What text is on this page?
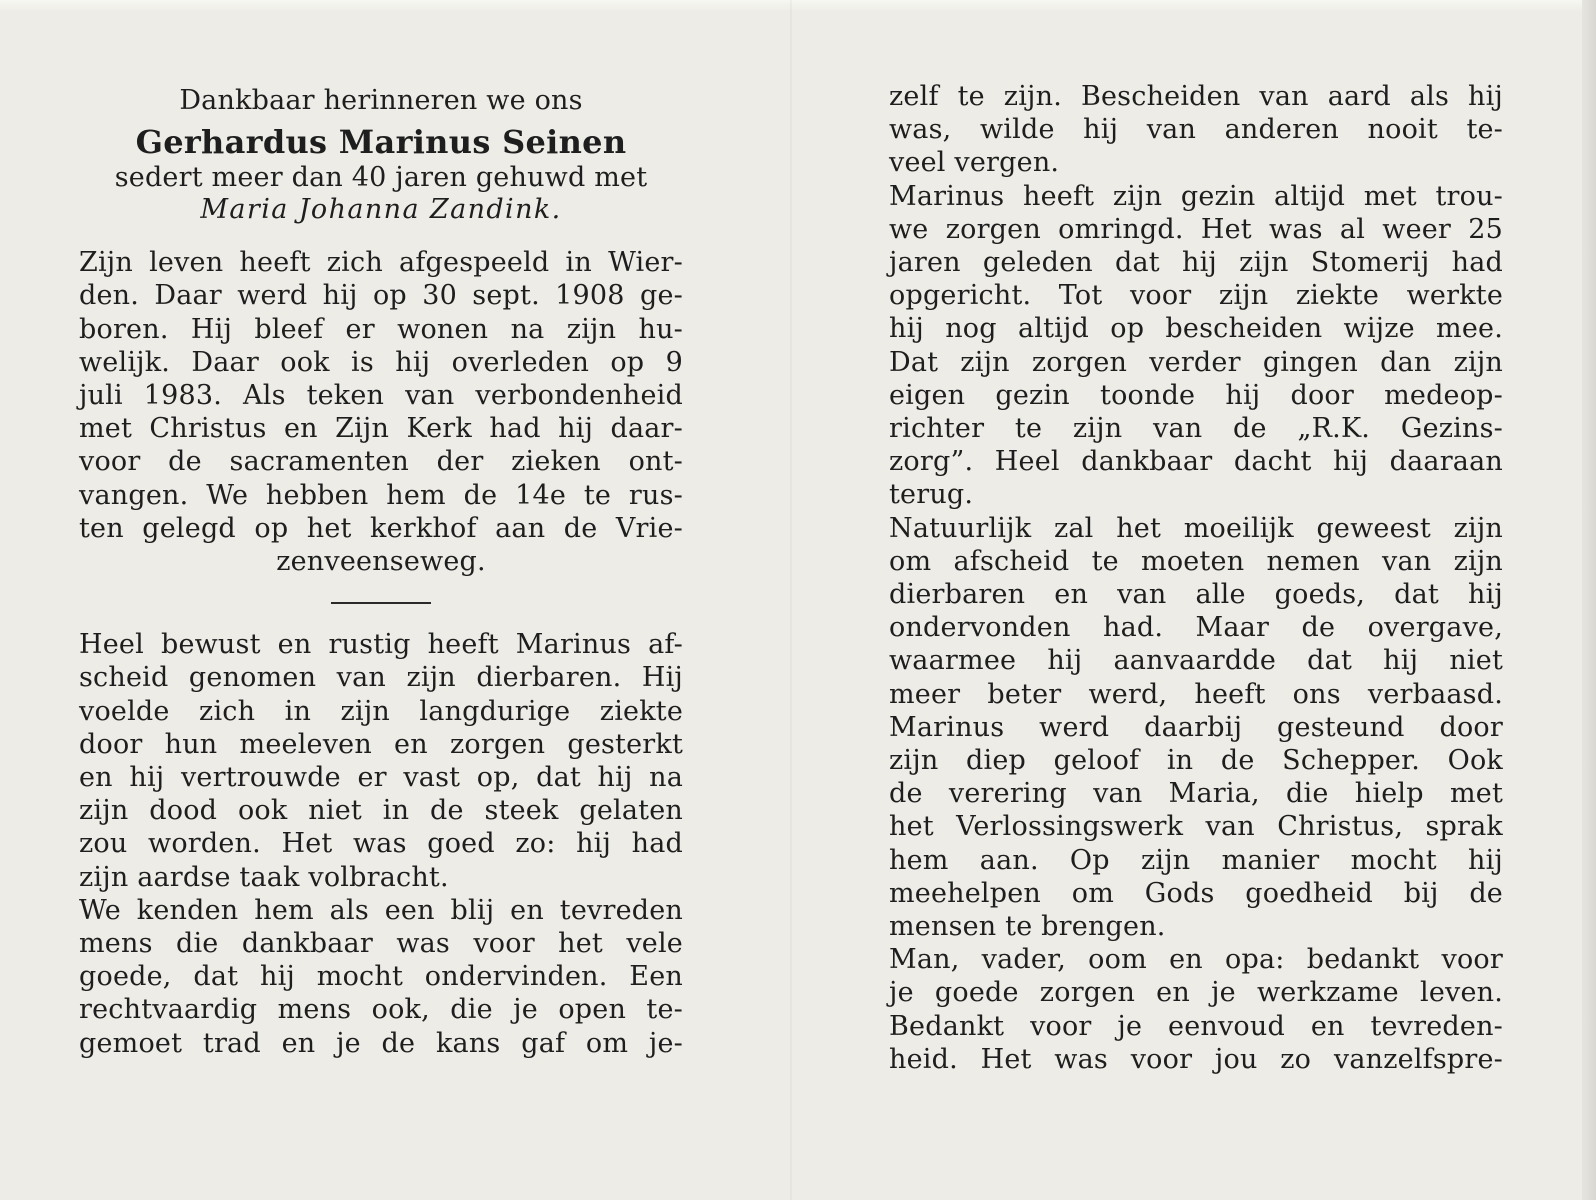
Dankbaar herinneren we ons

Gerhardus Marinus Seinen

sedert meer dan 40 jaren gehuwd met

Maria Johanna Zandink.

Zijn leven heeft zich afgespeeld in Wier-
den. Daar werd hij op 30 sept. 1908 ge-
boren. Hij bleef er wonen na zijn hu-
welijk. Daar ook is hij overleden op 9
juli 1983. Als teken van verbondenheid
met Christus en Zijn Kerk had hij daar-
voor de sacramenten der zieken ont-
vangen. We hebben hem de 14e te rus-
ten gelegd op het kerkhof aan de Vrie-
zenveenseweg.
Heel bewust en rustig heeft Marinus af-
scheid genomen van zijn dierbaren. Hij
voelde zich in zijn langdurige ziekte
door hun meeleven en zorgen gesterkt
en hij vertrouwde er vast op, dat hij na
zijn dood ook niet in de steek gelaten
zou worden. Het was goed zo: hij had
zijn aardse taak volbracht.
We kenden hem als een blij en tevreden
mens die dankbaar was voor het vele
goede, dat hij mocht ondervinden. Een
rechtvaardig mens ook, die je open te-
gemoet trad en je de kans gaf om je-
zelf te zijn. Bescheiden van aard als hij
was, wilde hij van anderen nooit te-
veel vergen.
Marinus heeft zijn gezin altijd met trou-
we zorgen omringd. Het was al weer 25
jaren geleden dat hij zijn Stomerij had
opgericht. Tot voor zijn ziekte werkte
hij nog altijd op bescheiden wijze mee.
Dat zijn zorgen verder gingen dan zijn
eigen gezin toonde hij door medeop-
richter te zijn van de „R.K. Gezins-
zorg”. Heel dankbaar dacht hij daaraan
terug.
Natuurlijk zal het moeilijk geweest zijn
om afscheid te moeten nemen van zijn
dierbaren en van alle goeds, dat hij
ondervonden had. Maar de overgave,
waarmee hij aanvaardde dat hij niet
meer beter werd, heeft ons verbaasd.
Marinus werd daarbij gesteund door
zijn diep geloof in de Schepper. Ook
de verering van Maria, die hielp met
het Verlossingswerk van Christus, sprak
hem aan. Op zijn manier mocht hij
meehelpen om Gods goedheid bij de
mensen te brengen.
Man, vader, oom en opa: bedankt voor
je goede zorgen en je werkzame leven.
Bedankt voor je eenvoud en tevreden-
heid. Het was voor jou zo vanzelfspre-
